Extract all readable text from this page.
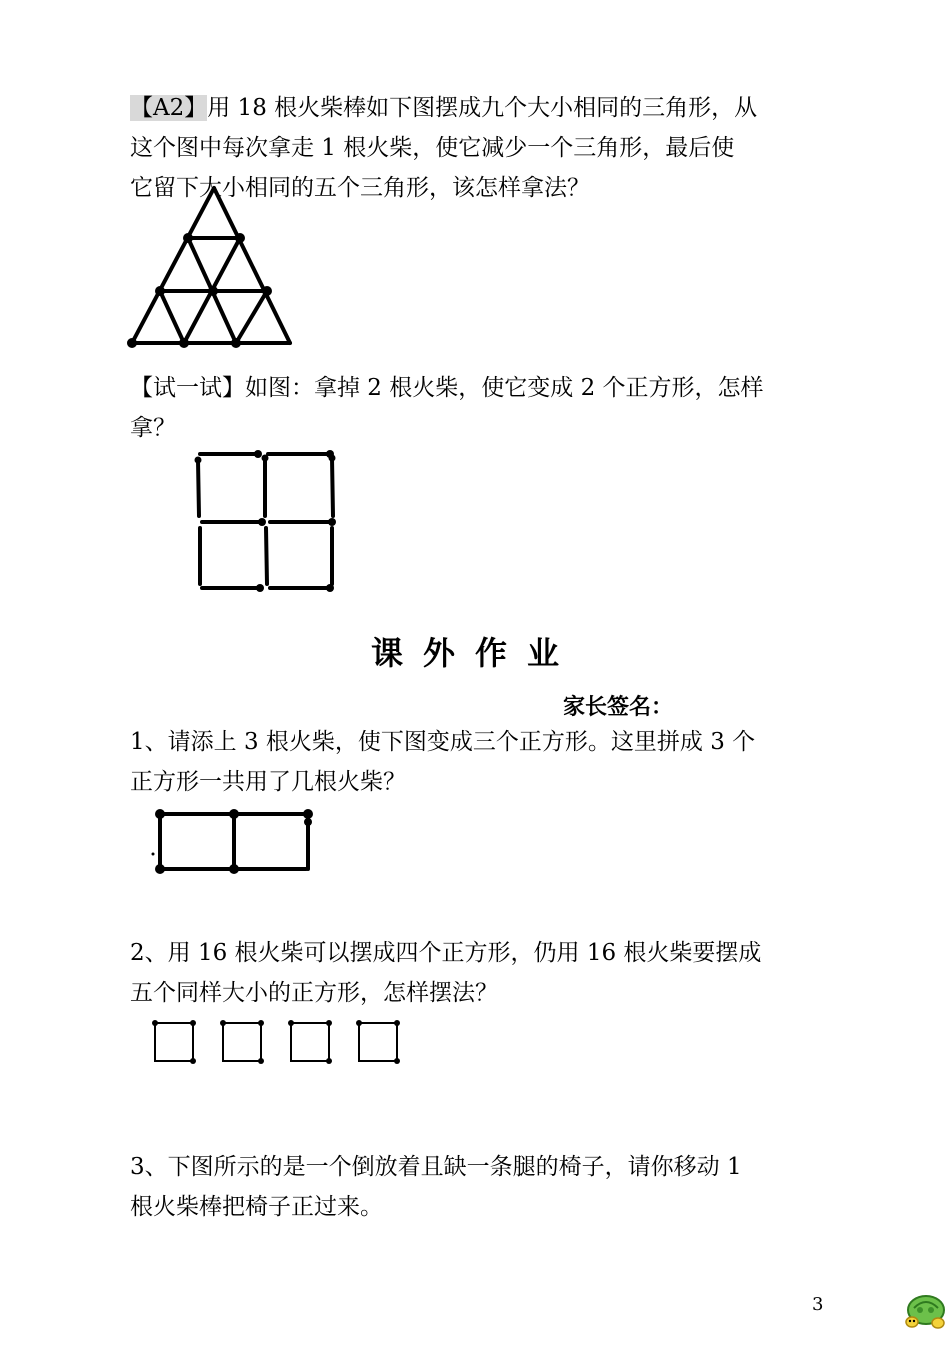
【A2】用 18 根火柴棒如下图摆成九个大小相同的三角形，从
这个图中每次拿走 1 根火柴，使它减少一个三角形，最后使
它留下大小相同的五个三角形，该怎样拿法？
【试一试】如图：拿掉 2 根火柴，使它变成 2 个正方形，怎样
拿？
课外作业
家长签名：
1、请添上 3 根火柴，使下图变成三个正方形。这里拼成 3 个
正方形一共用了几根火柴？
2、用 16 根火柴可以摆成四个正方形，仍用 16 根火柴要摆成
五个同样大小的正方形，怎样摆法？
3、下图所示的是一个倒放着且缺一条腿的椅子，请你移动 1
根火柴棒把椅子正过来。
3
